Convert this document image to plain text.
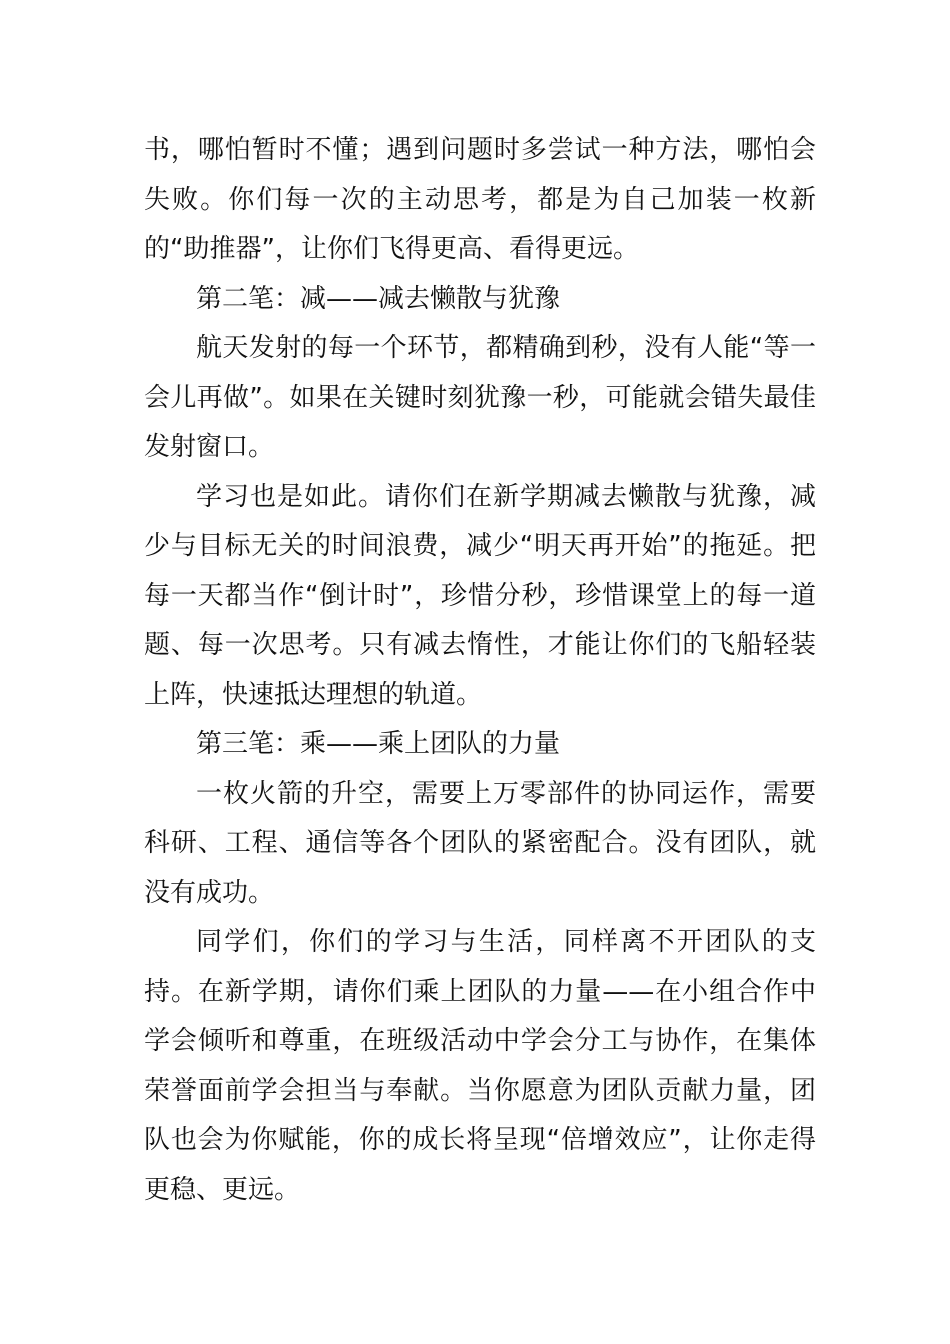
书，哪怕暂时不懂；遇到问题时多尝试一种方法，哪怕会失败。你们每一次的主动思考，都是为自己加装一枚新的“助推器”，让你们飞得更高、看得更远。

第二笔：减——减去懒散与犹豫

航天发射的每一个环节，都精确到秒，没有人能“等一会儿再做”。如果在关键时刻犹豫一秒，可能就会错失最佳发射窗口。

学习也是如此。请你们在新学期减去懒散与犹豫，减少与目标无关的时间浪费，减少“明天再开始”的拖延。把每一天都当作“倒计时”，珍惜分秒，珍惜课堂上的每一道题、每一次思考。只有减去惰性，才能让你们的飞船轻装上阵，快速抵达理想的轨道。

第三笔：乘——乘上团队的力量

一枚火箭的升空，需要上万零部件的协同运作，需要科研、工程、通信等各个团队的紧密配合。没有团队，就没有成功。

同学们，你们的学习与生活，同样离不开团队的支持。在新学期，请你们乘上团队的力量——在小组合作中学会倾听和尊重，在班级活动中学会分工与协作，在集体荣誉面前学会担当与奉献。当你愿意为团队贡献力量，团队也会为你赋能，你的成长将呈现“倍增效应”，让你走得更稳、更远。
